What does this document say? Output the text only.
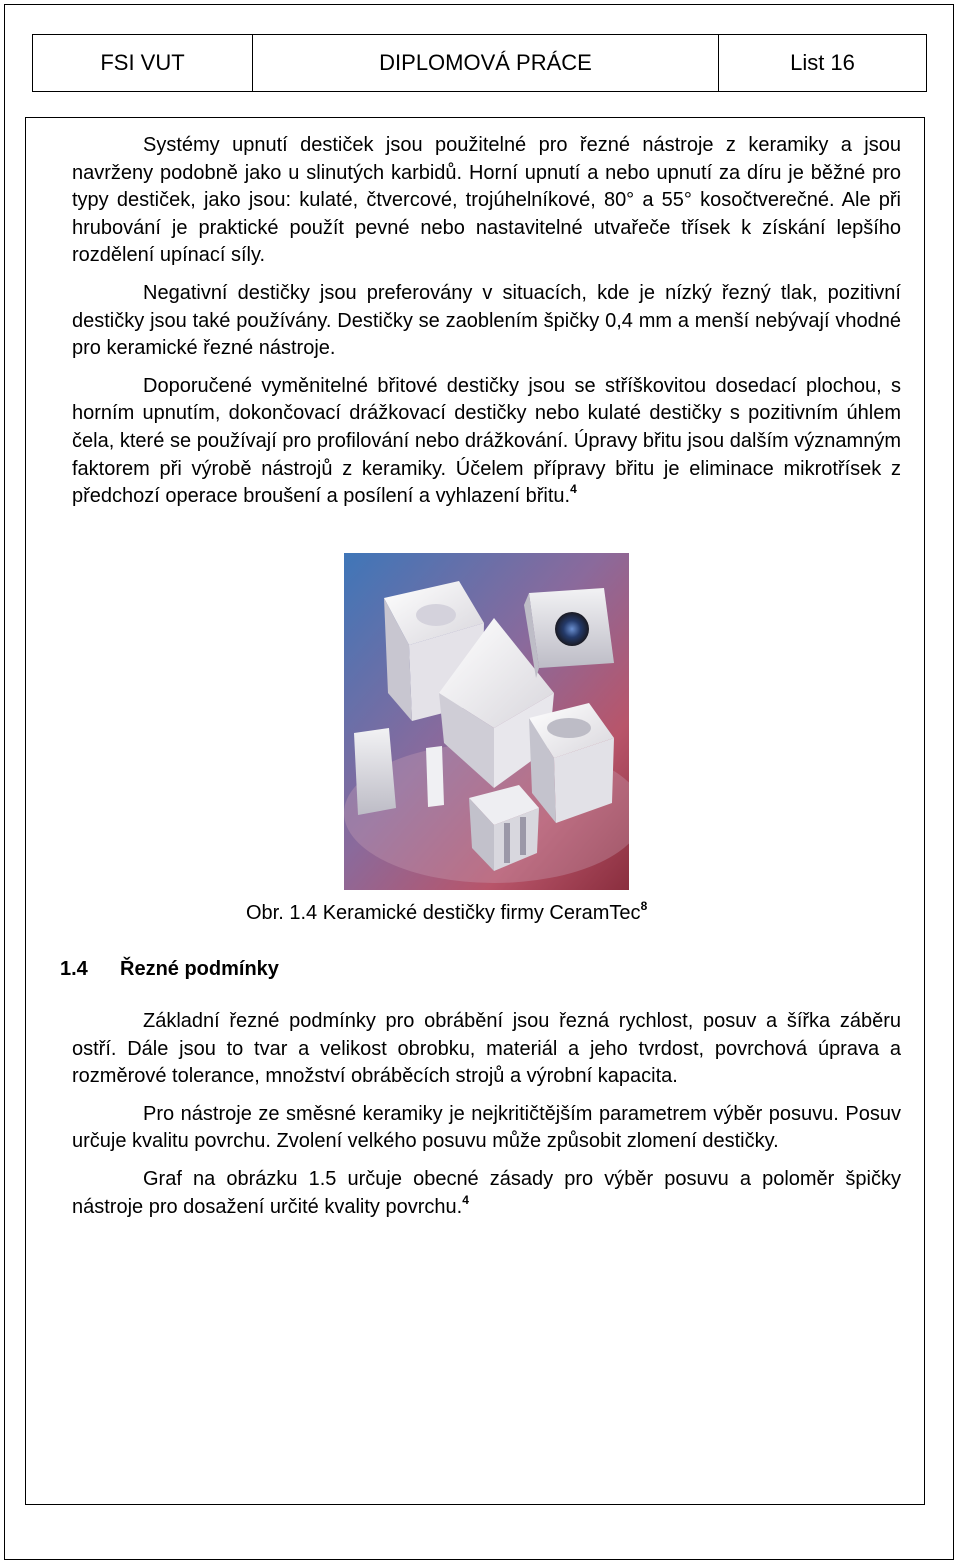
FSI VUT	DIPLOMOVÁ PRÁCE	List 16

Systémy upnutí destiček jsou použitelné pro řezné nástroje z keramiky a jsou navrženy podobně jako u slinutých karbidů. Horní upnutí a nebo upnutí za díru je běžné pro typy destiček, jako jsou: kulaté, čtvercové, trojúhelníkové, 80° a 55° kosočtverečné. Ale při hrubování je praktické použít pevné nebo nastavitelné utvařeče třísek k získání lepšího rozdělení upínací síly.

Negativní destičky jsou preferovány v situacích, kde je nízký řezný tlak, pozitivní destičky jsou také používány. Destičky se zaoblením špičky 0,4 mm a menší nebývají vhodné pro keramické řezné nástroje.

Doporučené vyměnitelné břitové destičky jsou se stříškovitou dosedací plochou, s horním upnutím, dokončovací drážkovací destičky nebo kulaté destičky s pozitivním úhlem čela, které se používají pro profilování nebo drážkování. Úpravy břitu jsou dalším významným faktorem při výrobě nástrojů z keramiky. Účelem přípravy břitu je eliminace mikrotřísek z předchozí operace broušení a posílení a vyhlazení břitu.$^4$

Obr. 1.4 Keramické destičky firmy CeramTec$^8$
1.4 Řezné podmínky

Základní řezné podmínky pro obrábění jsou řezná rychlost, posuv a šířka záběru ostří. Dále jsou to tvar a velikost obrobku, materiál a jeho tvrdost, povrchová úprava a rozměrové tolerance, množství obráběcích strojů a výrobní kapacita.

Pro nástroje ze směsné keramiky je nejkritičtějším parametrem výběr posuvu. Posuv určuje kvalitu povrchu. Zvolení velkého posuvu může způsobit zlomení destičky.

Graf na obrázku 1.5 určuje obecné zásady pro výběr posuvu a poloměr špičky nástroje pro dosažení určité kvality povrchu.$^4$
